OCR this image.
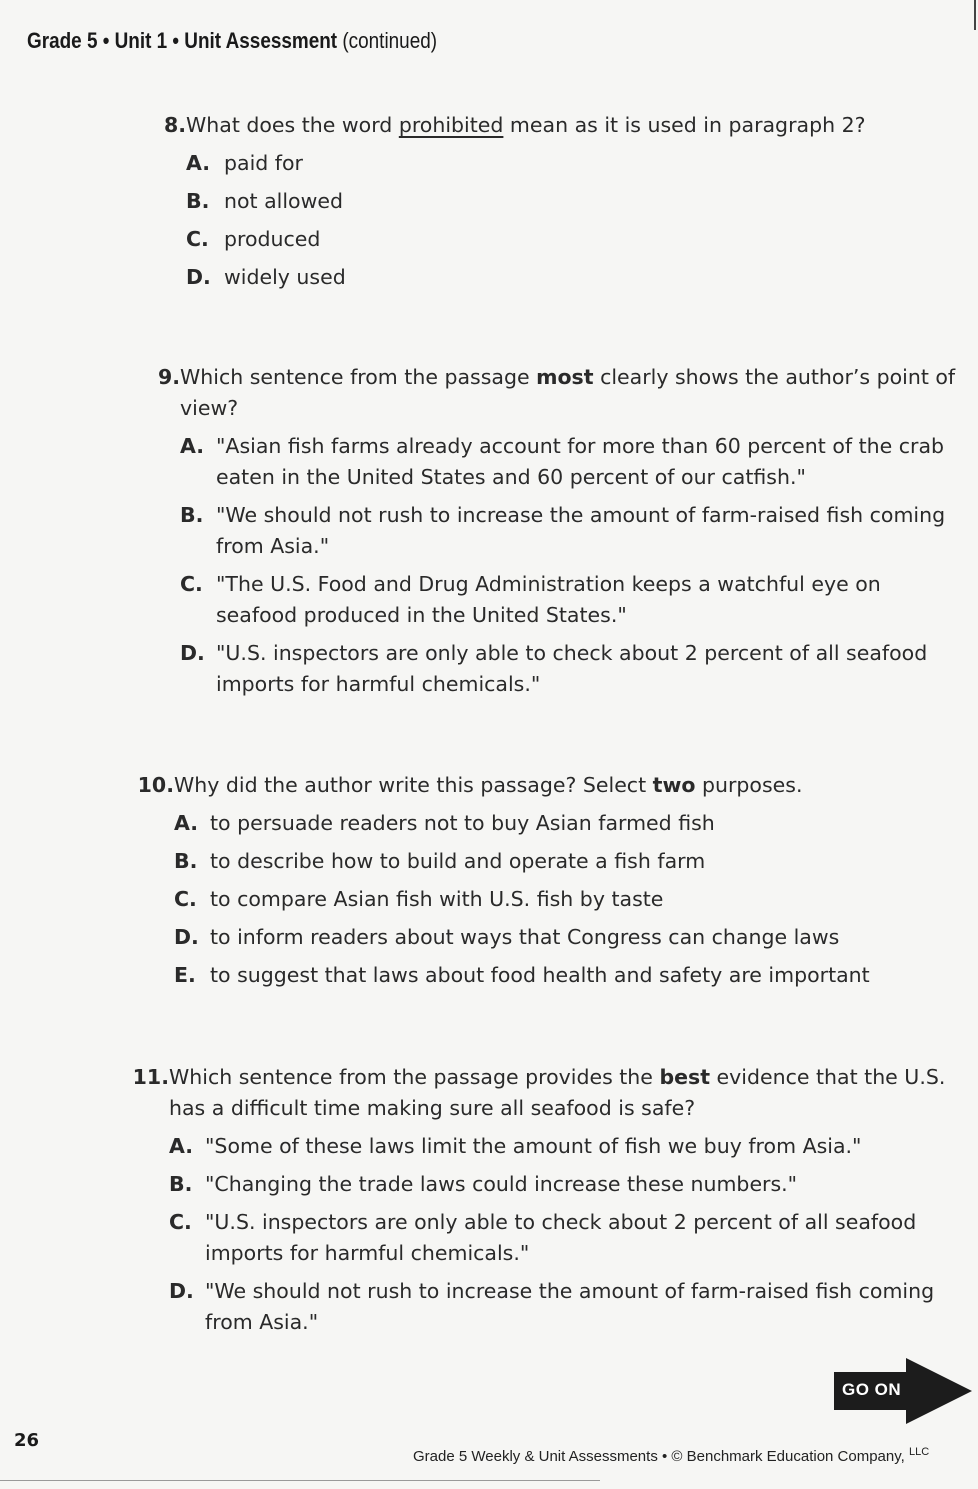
Grade 5 • Unit 1 • Unit Assessment (continued)
8. What does the word prohibited mean as it is used in paragraph 2?
A. paid for
B. not allowed
C. produced
D. widely used
9. Which sentence from the passage most clearly shows the author’s point of view?
A. "Asian fish farms already account for more than 60 percent of the crab eaten in the United States and 60 percent of our catfish."
B. "We should not rush to increase the amount of farm-raised fish coming from Asia."
C. "The U.S. Food and Drug Administration keeps a watchful eye on seafood produced in the United States."
D. "U.S. inspectors are only able to check about 2 percent of all seafood imports for harmful chemicals."
10. Why did the author write this passage? Select two purposes.
A. to persuade readers not to buy Asian farmed fish
B. to describe how to build and operate a fish farm
C. to compare Asian fish with U.S. fish by taste
D. to inform readers about ways that Congress can change laws
E. to suggest that laws about food health and safety are important
11. Which sentence from the passage provides the best evidence that the U.S. has a difficult time making sure all seafood is safe?
A. "Some of these laws limit the amount of fish we buy from Asia."
B. "Changing the trade laws could increase these numbers."
C. "U.S. inspectors are only able to check about 2 percent of all seafood imports for harmful chemicals."
D. "We should not rush to increase the amount of farm-raised fish coming from Asia."
GO ON
26
Grade 5 Weekly & Unit Assessments • © Benchmark Education Company, $^{LLC}$
